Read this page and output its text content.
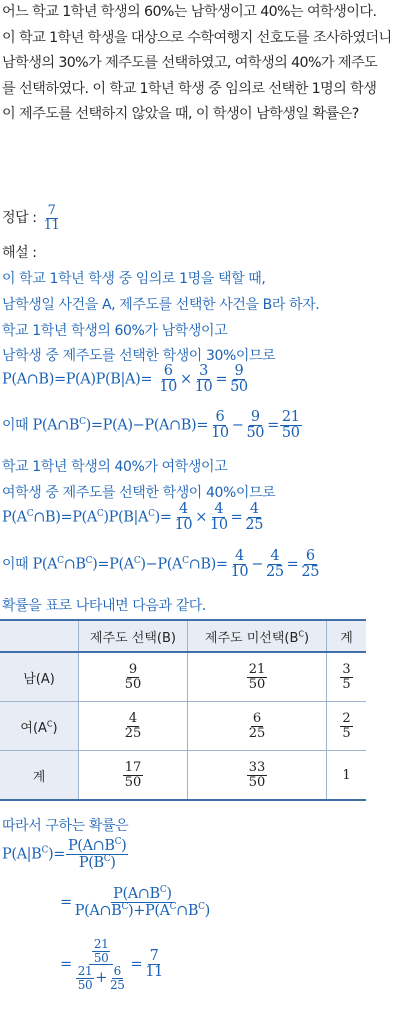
어느 학교 1학년 학생의 60%는 남학생이고 40%는 여학생이다.

이 학교 1학년 학생을 대상으로 수학여행지 선호도를 조사하였더니

남학생의 30%가 제주도를 선택하였고, 여학생의 40%가 제주도

를 선택하였다. 이 학교 1학년 학생 중 임의로 선택한 1명의 학생

이 제주도를 선택하지 않았을 때, 이 학생이 남학생일 확률은?

정답 : $\frac{7}{11}$
해설 :
이 학교 1학년 학생 중 임의로 1명을 택할 때,
남학생일 사건을 A, 제주도를 선택한 사건을 B라 하자.
학교 1학년 학생의 60%가 남학생이고
남학생 중 제주도를 선택한 학생이 30%이므로
P(A∩B)=P(A)P(B|A)= $\frac{6}{10} \times \frac{3}{10} = \frac{9}{50}$
이때 $P(A\cap B^C)=P(A)-P(A\cap B)= \frac{6}{10} - \frac{9}{50} = \frac{21}{50}$
학교 1학년 학생의 40%가 여학생이고
여학생 중 제주도를 선택한 학생이 40%이므로
$P(A^C\cap B)=P(A^C)P(B|A^C)= \frac{4}{10} \times \frac{4}{10} = \frac{4}{25}$
이때 $P(A^C\cap B^C)=P(A^C)-P(A^C\cap B)= \frac{4}{10} - \frac{4}{25} = \frac{6}{25}$
확률을 표로 나타내면 다음과 같다.
	제주도 선택(B)	제주도 미선택$(B^C)$	계
남(A)	$\frac{9}{50}$	$\frac{21}{50}$	$\frac{3}{5}$

여$(A^C)$	$\frac{4}{25}$	$\frac{6}{25}$	$\frac{2}{5}$

계	$\frac{17}{50}$	$\frac{33}{50}$	1
따라서 구하는 확률은
$P(A|B^C)= \frac{P(A\cap B^C)}{P(B^C)}$
= $\frac{P(A\cap B^C)}{P(A\cap B^C)+P(A^C\cap B^C)}$
= $\frac{\frac{21}{50}}{\frac{21}{50} + \frac{6}{25}} = \frac{7}{11}$
